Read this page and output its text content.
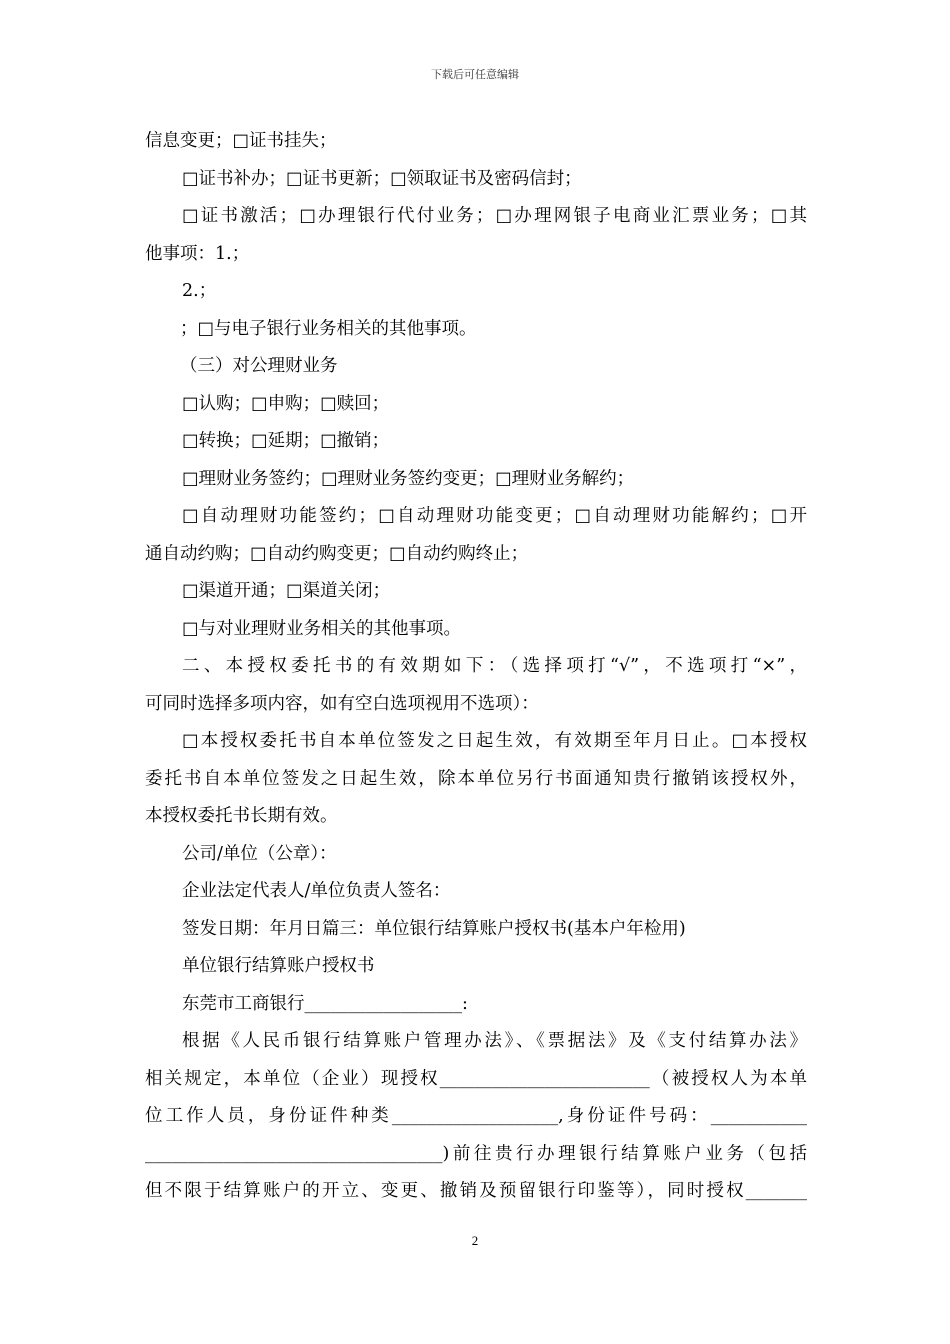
下载后可任意编辑
信息变更；□证书挂失；
□证书补办；□证书更新；□领取证书及密码信封；
□证书激活；□办理银行代付业务；□办理网银子电商业汇票业务；□其
他事项：1.；
2.；
；□与电子银行业务相关的其他事项。
（三）对公理财业务
□认购；□申购；□赎回；
□转换；□延期；□撤销；
□理财业务签约；□理财业务签约变更；□理财业务解约；
□自动理财功能签约；□自动理财功能变更；□自动理财功能解约；□开
通自动约购；□自动约购变更；□自动约购终止；
□渠道开通；□渠道关闭；
□与对业理财业务相关的其他事项。
二、本授权委托书的有效期如下：（选择项打“√”，不选项打“×”，
可同时选择多项内容，如有空白选项视用不选项）：
□本授权委托书自本单位签发之日起生效，有效期至年月日止。□本授权
委托书自本单位签发之日起生效，除本单位另行书面通知贵行撤销该授权外，
本授权委托书长期有效。
公司/单位（公章）：
企业法定代表人/单位负责人签名：
签发日期：年月日篇三：单位银行结算账户授权书(基本户年检用)
单位银行结算账户授权书
东莞市工商银行__________________:
根据《人民币银行结算账户管理办法》、《票据法》及《支付结算办法》
相关规定，本单位（企业）现授权________________________（被授权人为本单
位工作人员，身份证件种类___________________,身份证件号码：___________
__________________________________)前往贵行办理银行结算账户业务（包括
但不限于结算账户的开立、变更、撤销及预留银行印鉴等），同时授权_______
2
